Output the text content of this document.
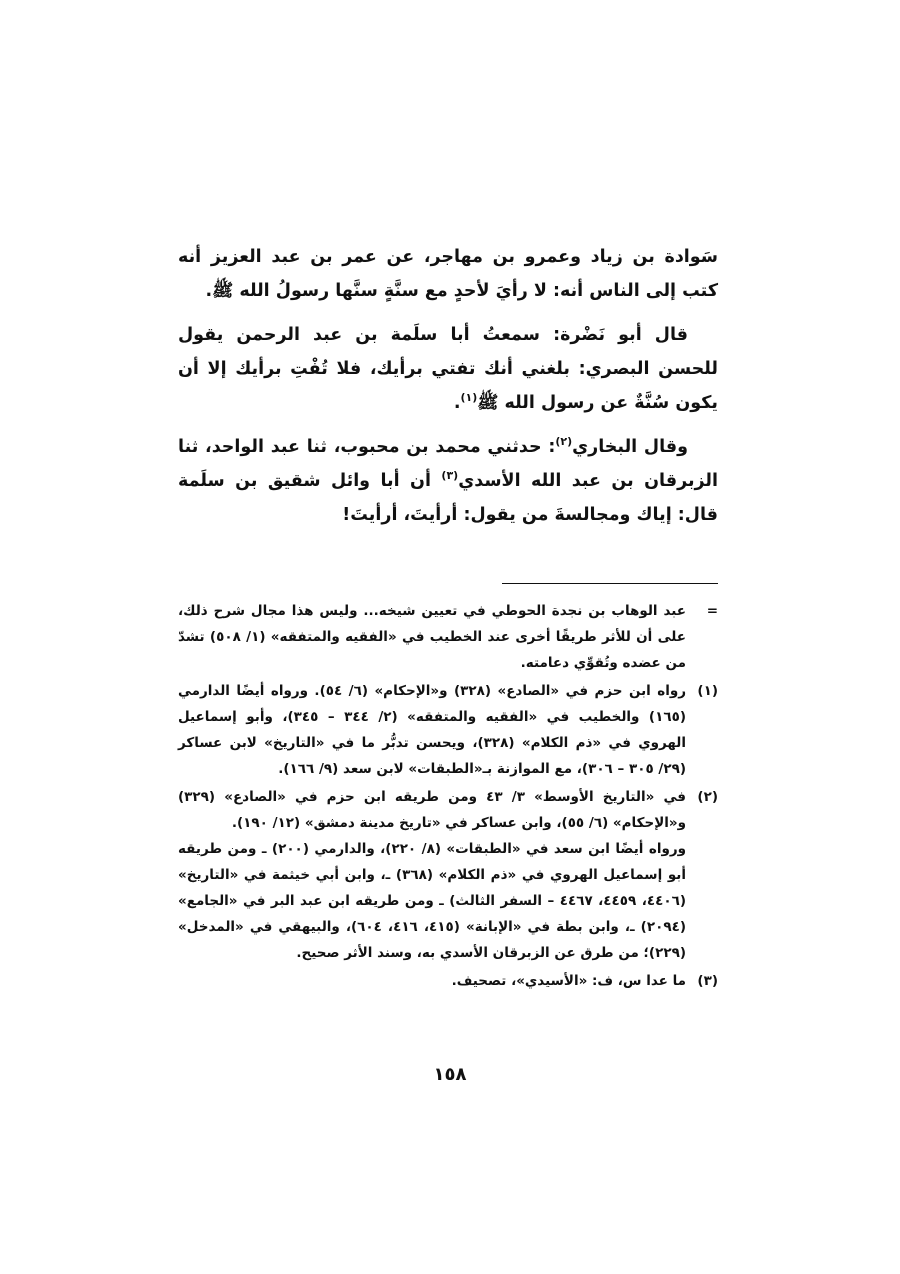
سَوادة بن زياد وعمرو بن مهاجر، عن عمر بن عبد العزيز أنه كتب إلى الناس أنه: لا رأيَ لأحدٍ مع سنَّةٍ سنَّها رسولُ الله ﷺ.

قال أبو نَضْرة: سمعتُ أبا سلَمة بن عبد الرحمن يقول للحسن البصري: بلغني أنك تفتي برأيك، فلا تُفْتِ برأيك إلا أن يكون سُنَّةٌ عن رسول الله ﷺ$^{(١)}$.

وقال البخاري$^{(٢)}$: حدثني محمد بن محبوب، ثنا عبد الواحد، ثنا الزبرقان بن عبد الله الأسدي$^{(٣)}$ أن أبا وائل شقيق بن سلَمة قال: إياك ومجالسةَ من يقول: أرأيتَ، أرأيتَ!

=

عبد الوهاب بن نجدة الحوطي في تعيين شيخه... وليس هذا مجال شرح ذلك، على أن للأثر طريقًا أخرى عند الخطيب في «الفقيه والمتفقه» (١/ ٥٠٨) تشدّ من عضده وتُقوِّي دعامته.

(١)

رواه ابن حزم في «الصادع» (٣٢٨) و«الإحكام» (٦/ ٥٤). ورواه أيضًا الدارمي (١٦٥) والخطيب في «الفقيه والمتفقه» (٢/ ٣٤٤ – ٣٤٥)، وأبو إسماعيل الهروي في «ذم الكلام» (٣٢٨)، ويحسن تدبُّر ما في «التاريخ» لابن عساكر (٢٩/ ٣٠٥ – ٣٠٦)، مع الموازنة بـ«الطبقات» لابن سعد (٩/ ١٦٦).

(٢)

في «التاريخ الأوسط» ٣/ ٤٣ ومن طريقه ابن حزم في «الصادع» (٣٢٩) و«الإحكام» (٦/ ٥٥)، وابن عساكر في «تاريخ مدينة دمشق» (١٢/ ١٩٠).

ورواه أيضًا ابن سعد في «الطبقات» (٨/ ٢٢٠)، والدارمي (٢٠٠) ـ ومن طريقه أبو إسماعيل الهروي في «ذم الكلام» (٣٦٨) ـ، وابن أبي خيثمة في «التاريخ» (٤٤٠٦، ٤٤٥٩، ٤٤٦٧ – السفر الثالث) ـ ومن طريقه ابن عبد البر في «الجامع» (٢٠٩٤) ـ، وابن بطة في «الإبانة» (٤١٥، ٤١٦، ٦٠٤)، والبيهقي في «المدخل» (٢٢٩)؛ من طرق عن الزبرقان الأسدي به، وسند الأثر صحيح.

(٣)

ما عدا س، ف: «الأسيدي»، تصحيف.

١٥٨
